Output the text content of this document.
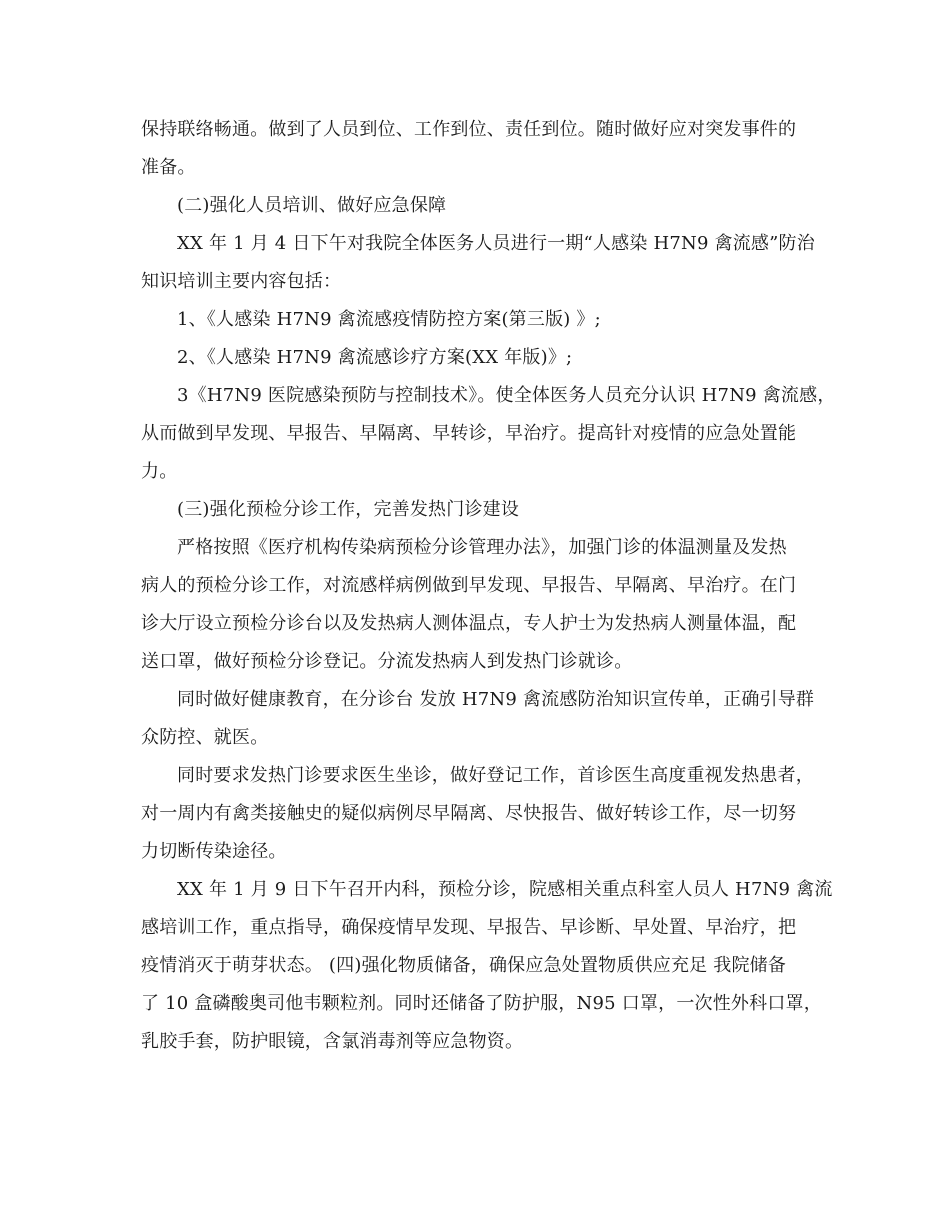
保持联络畅通。做到了人员到位、工作到位、责任到位。随时做好应对突发事件的
准备。
(二)强化人员培训、做好应急保障
XX 年 1 月 4 日下午对我院全体医务人员进行一期“人感染 H7N9 禽流感”防治
知识培训主要内容包括：
1、《人感染 H7N9 禽流感疫情防控方案(第三版) 》;
2、《人感染 H7N9 禽流感诊疗方案(XX 年版)》;
3《H7N9 医院感染预防与控制技术》。使全体医务人员充分认识 H7N9 禽流感，
从而做到早发现、早报告、早隔离、早转诊，早治疗。提高针对疫情的应急处置能
力。
(三)强化预检分诊工作，完善发热门诊建设
严格按照《医疗机构传染病预检分诊管理办法》，加强门诊的体温测量及发热
病人的预检分诊工作，对流感样病例做到早发现、早报告、早隔离、早治疗。在门
诊大厅设立预检分诊台以及发热病人测体温点，专人护士为发热病人测量体温，配
送口罩，做好预检分诊登记。分流发热病人到发热门诊就诊。
同时做好健康教育，在分诊台 发放 H7N9 禽流感防治知识宣传单，正确引导群
众防控、就医。
同时要求发热门诊要求医生坐诊，做好登记工作，首诊医生高度重视发热患者，
对一周内有禽类接触史的疑似病例尽早隔离、尽快报告、做好转诊工作，尽一切努
力切断传染途径。
XX 年 1 月 9 日下午召开内科，预检分诊，院感相关重点科室人员人 H7N9 禽流
感培训工作，重点指导，确保疫情早发现、早报告、早诊断、早处置、早治疗，把
疫情消灭于萌芽状态。 (四)强化物质储备，确保应急处置物质供应充足 我院储备
了 10 盒磷酸奥司他韦颗粒剂。同时还储备了防护服，N95 口罩，一次性外科口罩，
乳胶手套，防护眼镜，含氯消毒剂等应急物资。
